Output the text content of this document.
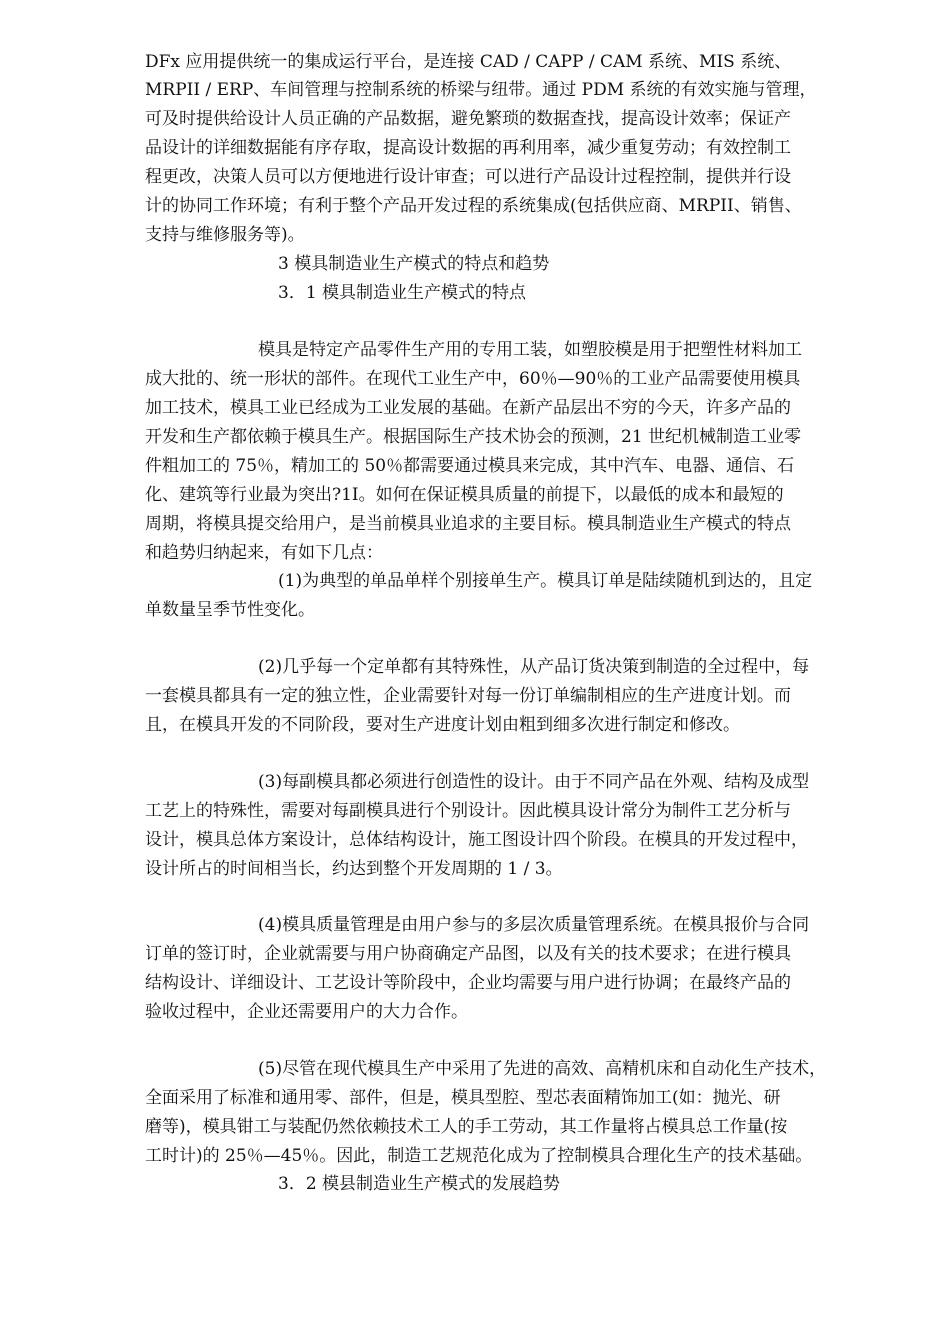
DFx 应用提供统一的集成运行平台，是连接 CAD / CAPP / CAM 系统、MIS 系统、
MRPII / ERP、车间管理与控制系统的桥梁与纽带。通过 PDM 系统的有效实施与管理，
可及时提供给设计人员正确的产品数据，避免繁琐的数据查找，提高设计效率；保证产
品设计的详细数据能有序存取，提高设计数据的再利用率，减少重复劳动；有效控制工
程更改，决策人员可以方便地进行设计审查；可以进行产品设计过程控制，提供并行设
计的协同工作环境；有利于整个产品开发过程的系统集成(包括供应商、MRPII、销售、
支持与维修服务等)。
3 模具制造业生产模式的特点和趋势
3．1 模具制造业生产模式的特点
模具是特定产品零件生产用的专用工装，如塑胶模是用于把塑性材料加工
成大批的、统一形状的部件。在现代工业生产中，60％—90％的工业产品需要使用模具
加工技术，模具工业已经成为工业发展的基础。在新产品层出不穷的今天，许多产品的
开发和生产都依赖于模具生产。根据国际生产技术协会的预测，21 世纪机械制造工业零
件粗加工的 75％，精加工的 50％都需要通过模具来完成，其中汽车、电器、通信、石
化、建筑等行业最为突出?1I。如何在保证模具质量的前提下，以最低的成本和最短的
周期，将模具提交给用户，是当前模具业追求的主要目标。模具制造业生产模式的特点
和趋势归纳起来，有如下几点：
(1)为典型的单品单样个别接单生产。模具订单是陆续随机到达的，且定
单数量呈季节性变化。
(2)几乎每一个定单都有其特殊性，从产品订货决策到制造的全过程中，每
一套模具都具有一定的独立性，企业需要针对每一份订单编制相应的生产进度计划。而
且，在模具开发的不同阶段，要对生产进度计划由粗到细多次进行制定和修改。
(3)每副模具都必须进行创造性的设计。由于不同产品在外观、结构及成型
工艺上的特殊性，需要对每副模具进行个别设计。因此模具设计常分为制件工艺分析与
设计，模具总体方案设计，总体结构设计，施工图设计四个阶段。在模具的开发过程中，
设计所占的时间相当长，约达到整个开发周期的 1 / 3。
(4)模具质量管理是由用户参与的多层次质量管理系统。在模具报价与合同
订单的签订时，企业就需要与用户协商确定产品图，以及有关的技术要求；在进行模具
结构设计、详细设计、工艺设计等阶段中，企业均需要与用户进行协调；在最终产品的
验收过程中，企业还需要用户的大力合作。
(5)尽管在现代模具生产中采用了先进的高效、高精机床和自动化生产技术，
全面采用了标准和通用零、部件，但是，模具型腔、型芯表面精饰加工(如：抛光、研
磨等)，模具钳工与装配仍然依赖技术工人的手工劳动，其工作量将占模具总工作量(按
工时计)的 25％—45％。因此，制造工艺规范化成为了控制模具合理化生产的技术基础。
3．2 模县制造业生产模式的发展趋势
